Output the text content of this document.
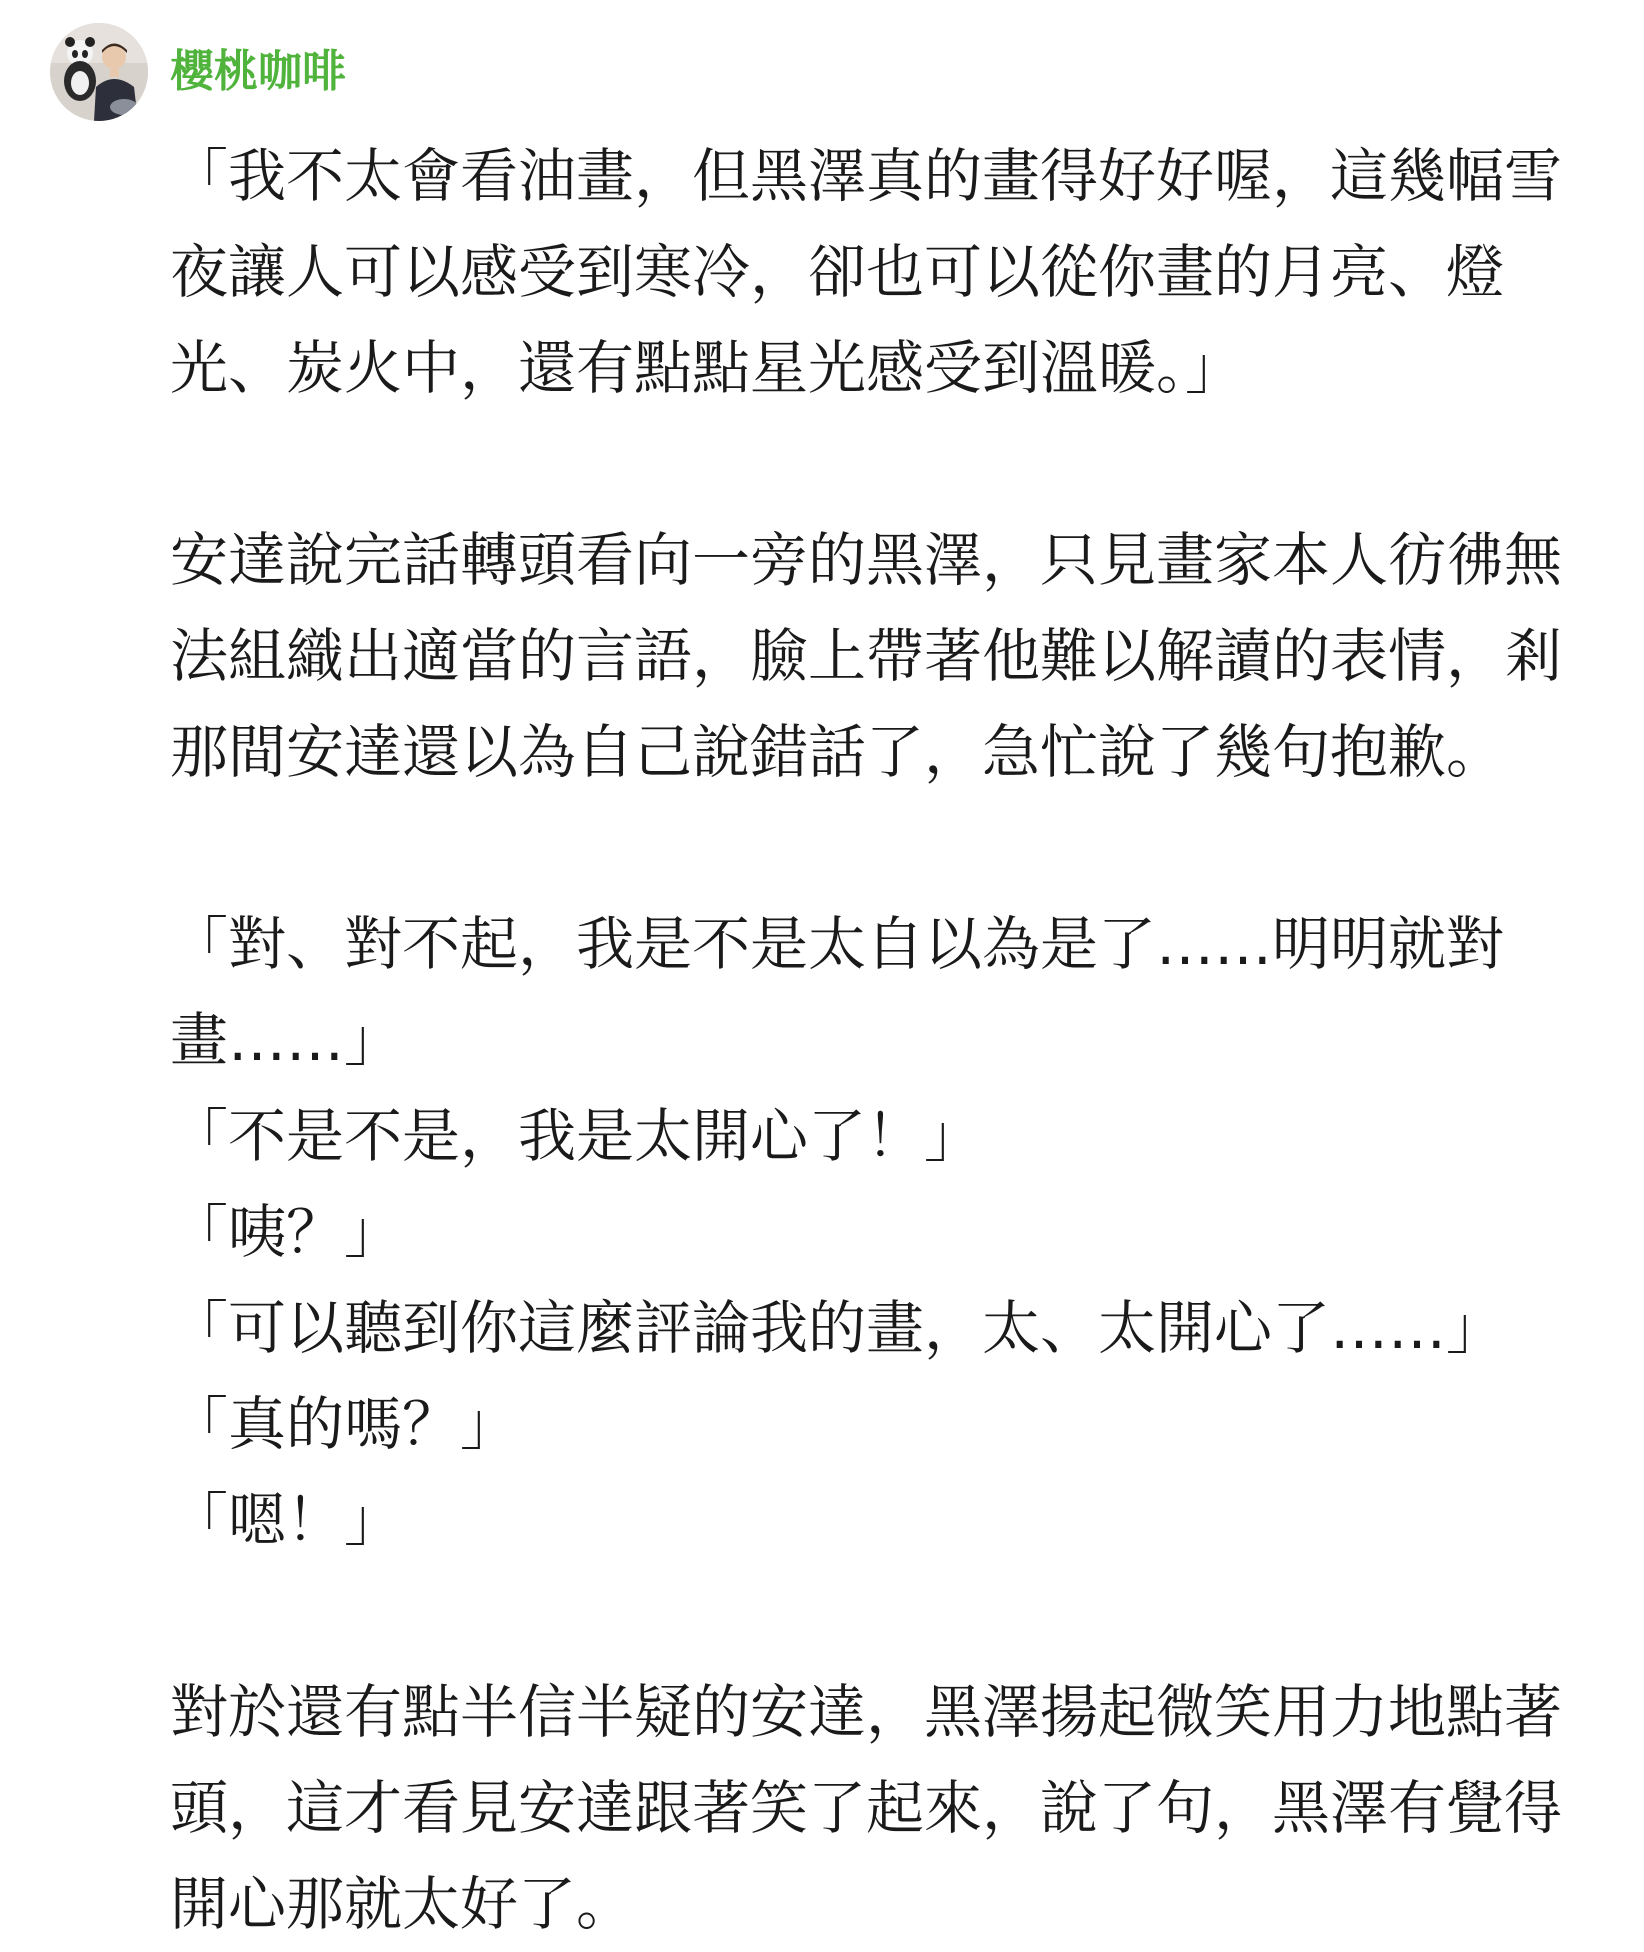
櫻桃咖啡
「我不太會看油畫，但黑澤真的畫得好好喔，這幾幅雪
夜讓人可以感受到寒冷，卻也可以從你畫的月亮、燈
光、炭火中，還有點點星光感受到溫暖。」
安達說完話轉頭看向一旁的黑澤，只見畫家本人彷彿無
法組織出適當的言語，臉上帶著他難以解讀的表情，剎
那間安達還以為自己說錯話了，急忙說了幾句抱歉。
「對、對不起，我是不是太自以為是了……明明就對
畫……」
「不是不是，我是太開心了！」
「咦？」
「可以聽到你這麼評論我的畫，太、太開心了……」
「真的嗎？」
「嗯！」
對於還有點半信半疑的安達，黑澤揚起微笑用力地點著
頭，這才看見安達跟著笑了起來，說了句，黑澤有覺得
開心那就太好了。
